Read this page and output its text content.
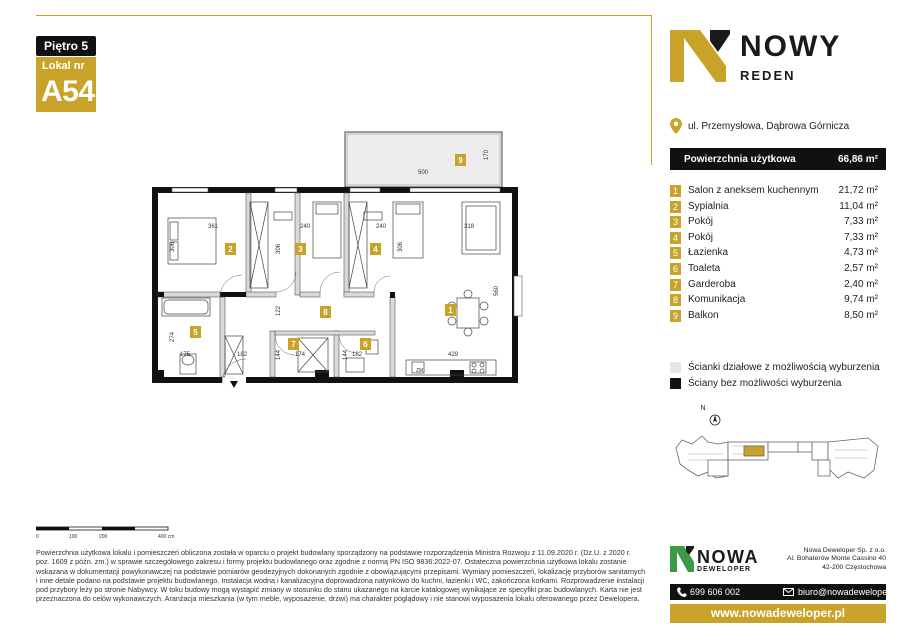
Piętro 5
Lokal nr
A54
NOWY
REDEN
ul. Przemysłowa, Dąbrowa Górnicza
Powierzchnia użytkowa	66,86 m²
1	Salon z aneksem kuchennym 21,72 m²
2	Sypialnia	11,04 m²
3	Pokój	7,33 m²
4	Pokój	7,33 m²
5	Łazienka	4,73 m²
6	Toaleta	2,57 m²
7	Garderoba	2,40 m²
8	Komunikacja	9,74 m²
9	Balkon	8,50 m²
Ścianki działowe z możliwością wyburzenia
Ściany bez możliwości wyburzenia
N
500
170
361
306
240
306
240
306
318
560
122
274
175	182	174
144	144 182	429
ZM
1
2	3	4
5
6
7
8
9
0	100	200	400 cm
Powierzchnia użytkowa lokalu i pomieszczeń obliczona została w oparciu o projekt budowlany sporządzony na podstawie rozporządzenia Ministra Rozwoju z 11.09.2020 r. (Dz.U. z 2020 r. poz. 1609 z późn. zm.) w sprawie szczegółowego zakresu i formy projektu budowlanego oraz zgodnie z normą PN ISO 9836:2022-07. Ostateczna powierzchnia użytkowa lokalu zostanie wskazana w dokumentacji powykonawczej na podstawie pomiarów geodezyjnych dokonanych zgodnie z obowiązującymi przepisami. Wymiary pomieszczeń, lokalizację przyborów sanitarnych i inne detale podano na podstawie projektu budowlanego. Instalacja wodna i kanalizacyjna doprowadzona natynkowo do kuchni, łazienki i WC, zakończona korkami. Rozprowadzenie instalacji pod przybory leży po stronie Nabywcy. W toku budowy mogą wystąpić zmiany w stosunku do stanu ukazanego na karcie katalogowej wynikające ze specyfiki prac budowlanych. Karta nie jest przeznaczona do celów wykonawczych. Aranżacja mieszkania (w tym meble, wyposażenie, drzwi) ma charakter poglądowy i nie stanowi wyposażenia lokalu oferowanego przez Dewelopera.
NOWA
DEWELOPER
Nowa Deweloper Sp. z o.o.
Al. Bohaterów Monte Cassino 40
42-200 Częstochowa
699 606 002	biuro@nowadeweloper.pl
www.nowadeweloper.pl
